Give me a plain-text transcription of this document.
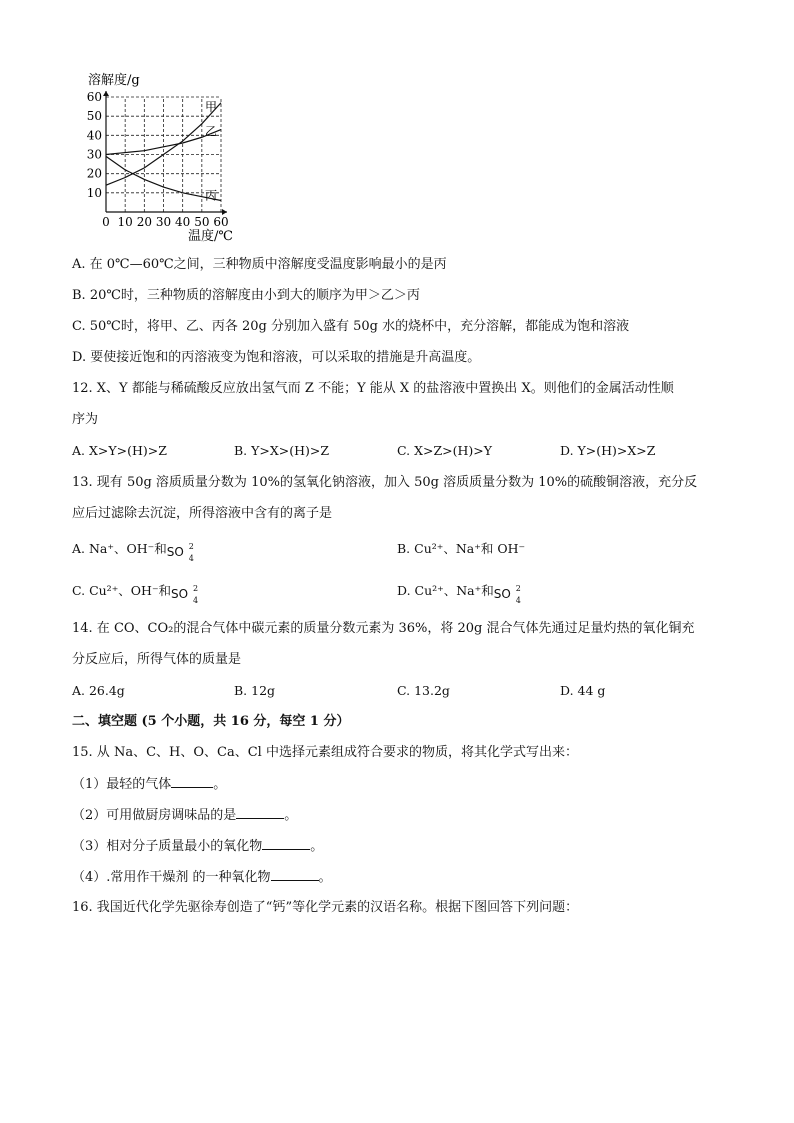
溶解度/g
温度/℃
0 10 20 30 40 50 60
10
20
30
40
50
60
甲
乙
丙
A. 在 0℃—60℃之间，三种物质中溶解度受温度影响最小的是丙
B. 20℃时，三种物质的溶解度由小到大的顺序为甲＞乙＞丙
C. 50℃时，将甲、乙、丙各 20g 分别加入盛有 50g 水的烧杯中，充分溶解，都能成为饱和溶液
D. 要使接近饱和的丙溶液变为饱和溶液，可以采取的措施是升高温度。
12. X、Y 都能与稀硫酸反应放出氢气而 Z 不能；Y 能从 X 的盐溶液中置换出 X。则他们的金属活动性顺
序为
A. X>Y>(H)>Z	B. Y>X>(H)>Z	C. X>Z>(H)>Y	D. Y>(H)>X>Z
13. 现有 50g 溶质质量分数为 10%的氢氧化钠溶液，加入 50g 溶质质量分数为 10%的硫酸铜溶液，充分反
应后过滤除去沉淀，所得溶液中含有的离子是
A. Na⁺、OH⁻和 SO 2
4
B. Cu²⁺、Na⁺和 OH⁻
C. Cu²⁺、OH⁻和 SO 2
4
D. Cu²⁺、Na⁺和 SO 2
4
14. 在 CO、CO₂的混合气体中碳元素的质量分数元素为 36%，将 20g 混合气体先通过足量灼热的氧化铜充
分反应后，所得气体的质量是
A. 26.4g	B. 12g	C. 13.2g	D. 44 g
二、填空题 (5 个小题，共 16 分，每空 1 分）
15. 从 Na、C、H、O、Ca、Cl 中选择元素组成符合要求的物质，将其化学式写出来：
（1）最轻的气体	。
（2）可用做厨房调味品的是	。
（3）相对分子质量最小的氧化物	。
（4）.常用作干燥剂 的一种氧化物	。
16. 我国近代化学先驱徐寿创造了“钙”等化学元素的汉语名称。根据下图回答下列问题：
